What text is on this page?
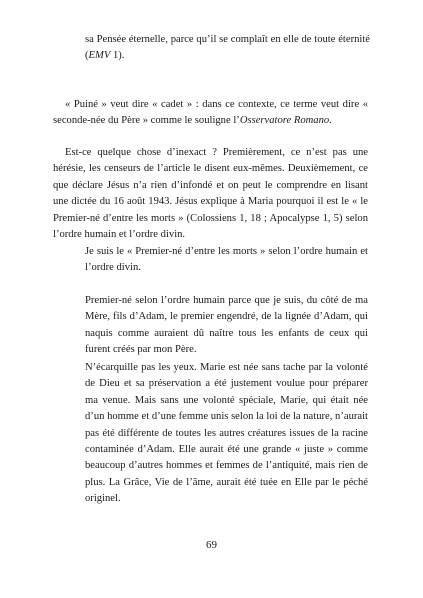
sa Pensée éternelle, parce qu’il se complaît en elle de toute éternité (EMV 1).

« Puiné » veut dire « cadet » : dans ce contexte, ce terme veut dire « seconde-née du Père » comme le souligne l’Osservatore Romano.

Est-ce quelque chose d’inexact ? Premièrement, ce n’est pas une hérésie, les censeurs de l’article le disent eux-mêmes. Deuxièmement, ce que déclare Jésus n’a rien d’infondé et on peut le comprendre en lisant une dictée du 16 août 1943. Jésus explique à Maria pourquoi il est le « le Premier-né d’entre les morts » (Colossiens 1, 18 ; Apocalypse 1, 5) selon l’ordre humain et l’ordre divin.

Je suis le « Premier-né d’entre les morts » selon l’ordre humain et l’ordre divin.

Premier-né selon l’ordre humain parce que je suis, du côté de ma Mère, fils d’Adam, le premier engendré, de la lignée d’Adam, qui naquis comme auraient dû naître tous les enfants de ceux qui furent créés par mon Père.

N’écarquille pas les yeux. Marie est née sans tache par la volonté de Dieu et sa préservation a été justement voulue pour préparer ma venue. Mais sans une volonté spéciale, Marie, qui était née d’un homme et d’une femme unis selon la loi de la nature, n’aurait pas été différente de toutes les autres créatures issues de la racine contaminée d’Adam. Elle aurait été une grande « juste » comme beaucoup d’autres hommes et femmes de l’antiquité, mais rien de plus. La Grâce, Vie de l’âme, aurait été tuée en Elle par le péché originel.

69
